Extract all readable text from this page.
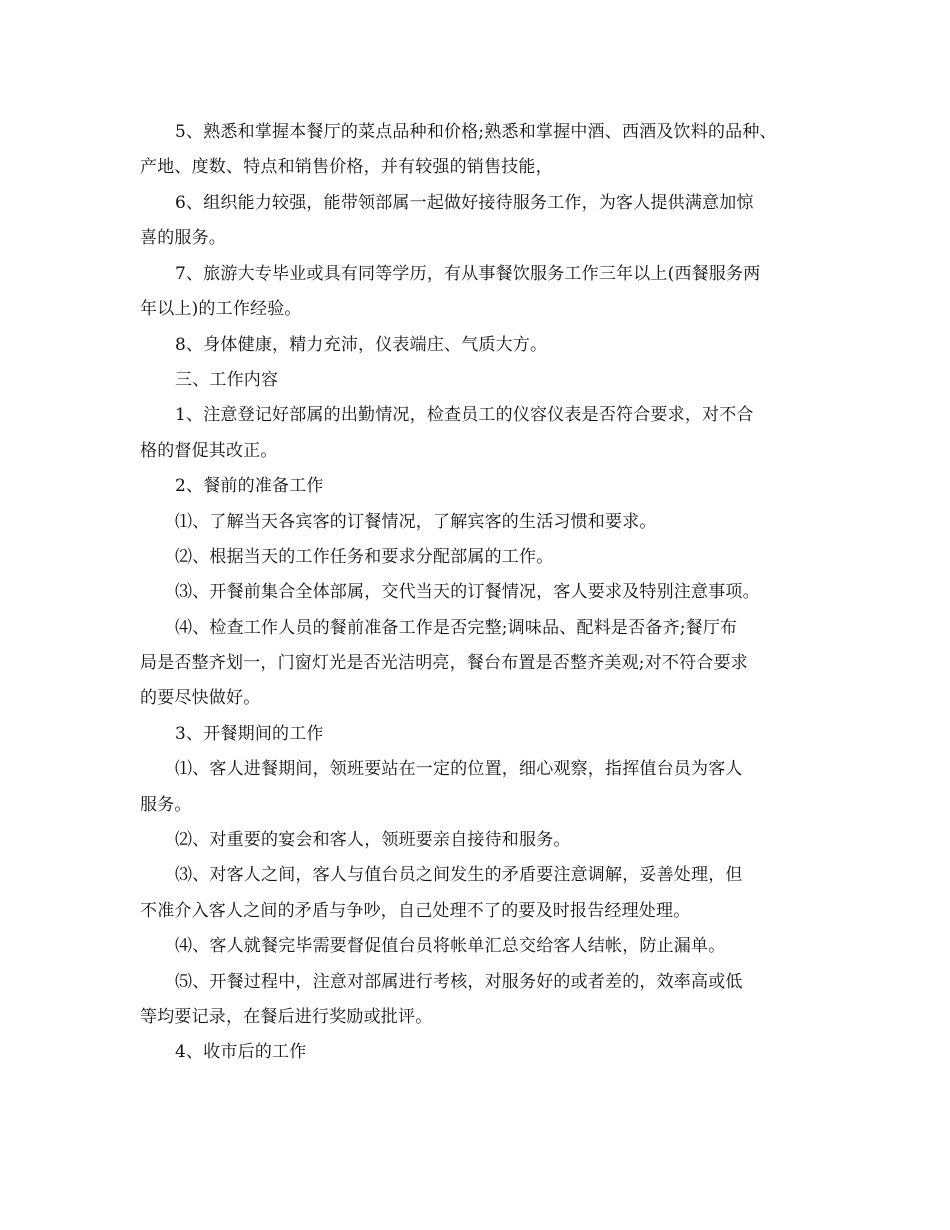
5、熟悉和掌握本餐厅的菜点品种和价格;熟悉和掌握中酒、西酒及饮料的品种、
产地、度数、特点和销售价格，并有较强的销售技能，
6、组织能力较强，能带领部属一起做好接待服务工作，为客人提供满意加惊
喜的服务。
7、旅游大专毕业或具有同等学历，有从事餐饮服务工作三年以上(西餐服务两
年以上)的工作经验。
8、身体健康，精力充沛，仪表端庄、气质大方。
三、工作内容
1、注意登记好部属的出勤情况，检查员工的仪容仪表是否符合要求，对不合
格的督促其改正。
2、餐前的准备工作
⑴、了解当天各宾客的订餐情况，了解宾客的生活习惯和要求。
⑵、根据当天的工作任务和要求分配部属的工作。
⑶、开餐前集合全体部属，交代当天的订餐情况，客人要求及特别注意事项。
⑷、检查工作人员的餐前准备工作是否完整;调味品、配料是否备齐;餐厅布
局是否整齐划一，门窗灯光是否光洁明亮，餐台布置是否整齐美观;对不符合要求
的要尽快做好。
3、开餐期间的工作
⑴、客人进餐期间，领班要站在一定的位置，细心观察，指挥值台员为客人
服务。
⑵、对重要的宴会和客人，领班要亲自接待和服务。
⑶、对客人之间，客人与值台员之间发生的矛盾要注意调解，妥善处理，但
不准介入客人之间的矛盾与争吵，自己处理不了的要及时报告经理处理。
⑷、客人就餐完毕需要督促值台员将帐单汇总交给客人结帐，防止漏单。
⑸、开餐过程中，注意对部属进行考核，对服务好的或者差的，效率高或低
等均要记录，在餐后进行奖励或批评。
4、收市后的工作
